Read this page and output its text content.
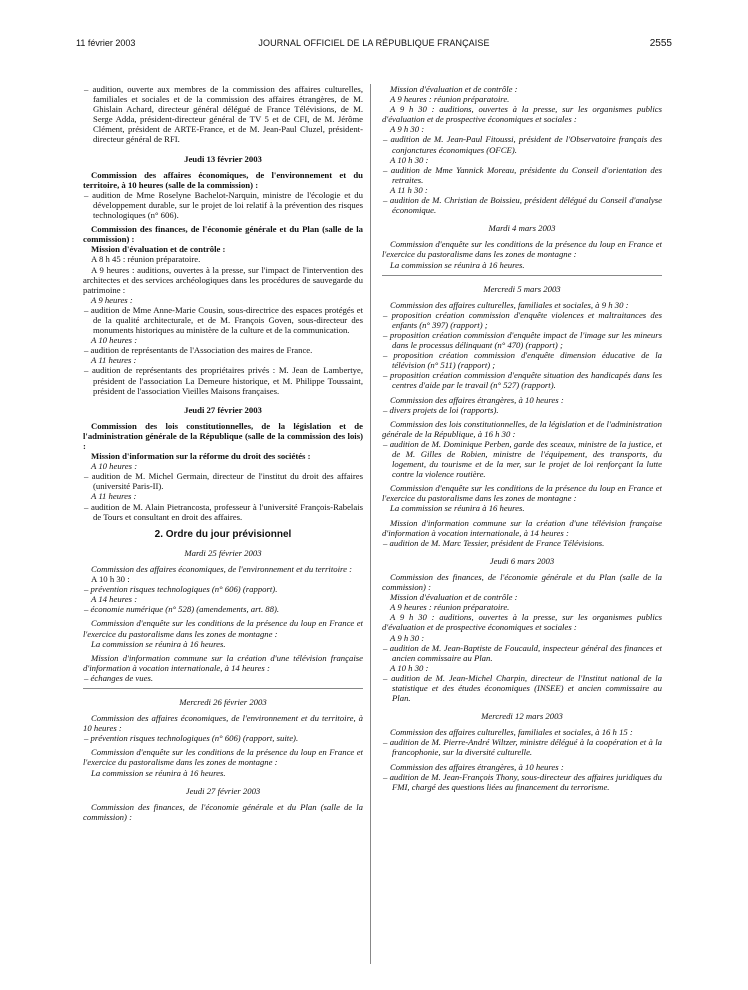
11 février 2003	JOURNAL OFFICIEL DE LA RÉPUBLIQUE FRANÇAISE	2555

– audition, ouverte aux membres de la commission des affaires culturelles, familiales et sociales et de la commission des affaires étrangères, de M. Ghislain Achard, directeur général délégué de France Télévisions, de M. Serge Adda, président-directeur général de TV 5 et de CFI, de M. Jérôme Clément, président de ARTE-France, et de M. Jean-Paul Cluzel, président-directeur général de RFI.

Jeudi 13 février 2003

Commission des affaires économiques, de l'environnement et du territoire, à 10 heures (salle de la commission) :

– audition de Mme Roselyne Bachelot-Narquin, ministre de l'écologie et du développement durable, sur le projet de loi relatif à la prévention des risques technologiques (n° 606).

Commission des finances, de l'économie générale et du Plan (salle de la commission) :

Mission d'évaluation et de contrôle :

A 8 h 45 : réunion préparatoire.

A 9 heures : auditions, ouvertes à la presse, sur l'impact de l'intervention des architectes et des services archéologiques dans les procédures de sauvegarde du patrimoine :

A 9 heures :

– audition de Mme Anne-Marie Cousin, sous-directrice des espaces protégés et de la qualité architecturale, et de M. François Goven, sous-directeur des monuments historiques au ministère de la culture et de la communication.

A 10 heures :

– audition de représentants de l'Association des maires de France.

A 11 heures :

– audition de représentants des propriétaires privés : M. Jean de Lambertye, président de l'association La Demeure historique, et M. Philippe Toussaint, président de l'association Vieilles Maisons françaises.

Jeudi 27 février 2003

Commission des lois constitutionnelles, de la législation et de l'administration générale de la République (salle de la commission des lois) :

Mission d'information sur la réforme du droit des sociétés :

A 10 heures :

– audition de M. Michel Germain, directeur de l'institut du droit des affaires (université Paris-II).

A 11 heures :

– audition de M. Alain Pietrancosta, professeur à l'université François-Rabelais de Tours et consultant en droit des affaires.

2. Ordre du jour prévisionnel

Mardi 25 février 2003

Commission des affaires économiques, de l'environnement et du territoire :

A 10 h 30 :

– prévention risques technologiques (n° 606) (rapport).

A 14 heures :

– économie numérique (n° 528) (amendements, art. 88).

Commission d'enquête sur les conditions de la présence du loup en France et l'exercice du pastoralisme dans les zones de montagne :

La commission se réunira à 16 heures.

Mission d'information commune sur la création d'une télévision française d'information à vocation internationale, à 14 heures :

– échanges de vues.

Mercredi 26 février 2003

Commission des affaires économiques, de l'environnement et du territoire, à 10 heures :

– prévention risques technologiques (n° 606) (rapport, suite).

Commission d'enquête sur les conditions de la présence du loup en France et l'exercice du pastoralisme dans les zones de montagne :

La commission se réunira à 16 heures.

Jeudi 27 février 2003

Commission des finances, de l'économie générale et du Plan (salle de la commission) :

Mission d'évaluation et de contrôle :

A 9 heures : réunion préparatoire.

A 9 h 30 : auditions, ouvertes à la presse, sur les organismes publics d'évaluation et de prospective économiques et sociales :

A 9 h 30 :

– audition de M. Jean-Paul Fitoussi, président de l'Observatoire français des conjonctures économiques (OFCE).

A 10 h 30 :

– audition de Mme Yannick Moreau, présidente du Conseil d'orientation des retraites.

A 11 h 30 :

– audition de M. Christian de Boissieu, président délégué du Conseil d'analyse économique.

Mardi 4 mars 2003

Commission d'enquête sur les conditions de la présence du loup en France et l'exercice du pastoralisme dans les zones de montagne :

La commission se réunira à 16 heures.

Mercredi 5 mars 2003

Commission des affaires culturelles, familiales et sociales, à 9 h 30 :

– proposition création commission d'enquête violences et maltraitances des enfants (n° 397) (rapport) ;

– proposition création commission d'enquête impact de l'image sur les mineurs dans le processus délinquant (n° 470) (rapport) ;

– proposition création commission d'enquête dimension éducative de la télévision (n° 511) (rapport) ;

– proposition création commission d'enquête situation des handicapés dans les centres d'aide par le travail (n° 527) (rapport).

Commission des affaires étrangères, à 10 heures :

– divers projets de loi (rapports).

Commission des lois constitutionnelles, de la législation et de l'administration générale de la République, à 16 h 30 :

– audition de M. Dominique Perben, garde des sceaux, ministre de la justice, et de M. Gilles de Robien, ministre de l'équipement, des transports, du logement, du tourisme et de la mer, sur le projet de loi renforçant la lutte contre la violence routière.

Commission d'enquête sur les conditions de la présence du loup en France et l'exercice du pastoralisme dans les zones de montagne :

La commission se réunira à 16 heures.

Mission d'information commune sur la création d'une télévision française d'information à vocation internationale, à 14 heures :

– audition de M. Marc Tessier, président de France Télévisions.

Jeudi 6 mars 2003

Commission des finances, de l'économie générale et du Plan (salle de la commission) :

Mission d'évaluation et de contrôle :

A 9 heures : réunion préparatoire.

A 9 h 30 : auditions, ouvertes à la presse, sur les organismes publics d'évaluation et de prospective économiques et sociales :

A 9 h 30 :

– audition de M. Jean-Baptiste de Foucauld, inspecteur général des finances et ancien commissaire au Plan.

A 10 h 30 :

– audition de M. Jean-Michel Charpin, directeur de l'Institut national de la statistique et des études économiques (INSEE) et ancien commissaire au Plan.

Mercredi 12 mars 2003

Commission des affaires culturelles, familiales et sociales, à 16 h 15 :

– audition de M. Pierre-André Wiltzer, ministre délégué à la coopération et à la francophonie, sur la diversité culturelle.

Commission des affaires étrangères, à 10 heures :

– audition de M. Jean-François Thony, sous-directeur des affaires juridiques du FMI, chargé des questions liées au financement du terrorisme.
